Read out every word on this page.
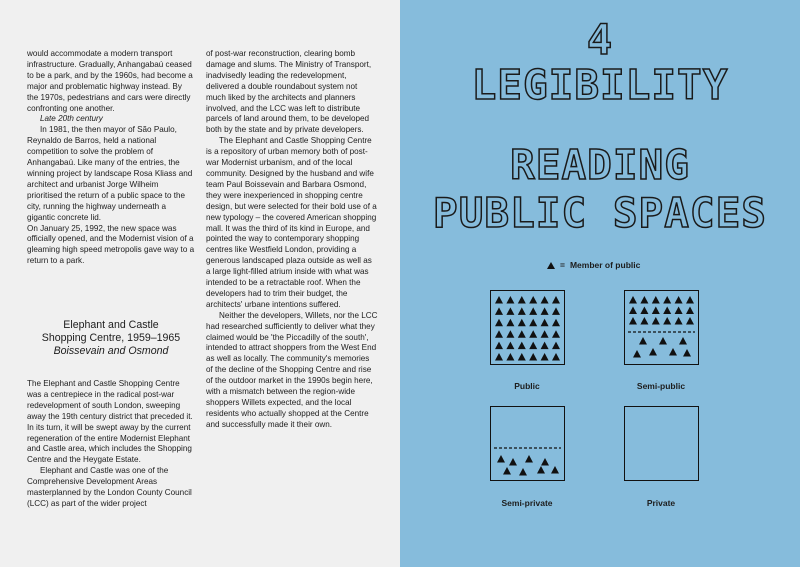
would accommodate a modern transport infrastructure. Gradually, Anhangabaú ceased to be a park, and by the 1960s, had become a major and problematic highway instead. By the 1970s, pedestrians and cars were directly confronting one another.

Late 20th century

In 1981, the then mayor of São Paulo, Reynaldo de Barros, held a national competition to solve the problem of Anhangabaú. Like many of the entries, the winning project by landscape Rosa Kliass and architect and urbanist Jorge Wilheim prioritised the return of a public space to the city, running the highway underneath a gigantic concrete lid.

On January 25, 1992, the new space was officially opened, and the Modernist vision of a gleaming high speed metropolis gave way to a return to a park.

Elephant and Castle
Shopping Centre, 1959–1965
Boissevain and Osmond

The Elephant and Castle Shopping Centre was a centrepiece in the radical post-war redevelopment of south London, sweeping away the 19th century district that preceded it. In its turn, it will be swept away by the current regeneration of the entire Modernist Elephant and Castle area, which includes the Shopping Centre and the Heygate Estate.

Elephant and Castle was one of the Comprehensive Development Areas masterplanned by the London County Council (LCC) as part of the wider project

of post-war reconstruction, clearing bomb damage and slums. The Ministry of Transport, inadvisedly leading the redevelopment, delivered a double roundabout system not much liked by the architects and planners involved, and the LCC was left to distribute parcels of land around them, to be developed both by the state and by private developers.

The Elephant and Castle Shopping Centre is a repository of urban memory both of post-war Modernist urbanism, and of the local community. Designed by the husband and wife team Paul Boissevain and Barbara Osmond, they were inexperienced in shopping centre design, but were selected for their bold use of a new typology – the covered American shopping mall. It was the third of its kind in Europe, and pointed the way to contemporary shopping centres like Westfield London, providing a generous landscaped plaza outside as well as a large light-filled atrium inside with what was intended to be a retractable roof. When the developers had to trim their budget, the architects' urbane intentions suffered.

Neither the developers, Willets, nor the LCC had researched sufficiently to deliver what they claimed would be 'the Piccadilly of the south', intended to attract shoppers from the West End as well as locally. The community's memories of the decline of the Shopping Centre and rise of the outdoor market in the 1990s begin here, with a mismatch between the region-wide shoppers Willets expected, and the local residents who actually shopped at the Centre and successfully made it their own.

4
LEGIBILITY
READING
PUBLIC SPACES
= Member of public
Public	Semi-public
Semi-private	Private
